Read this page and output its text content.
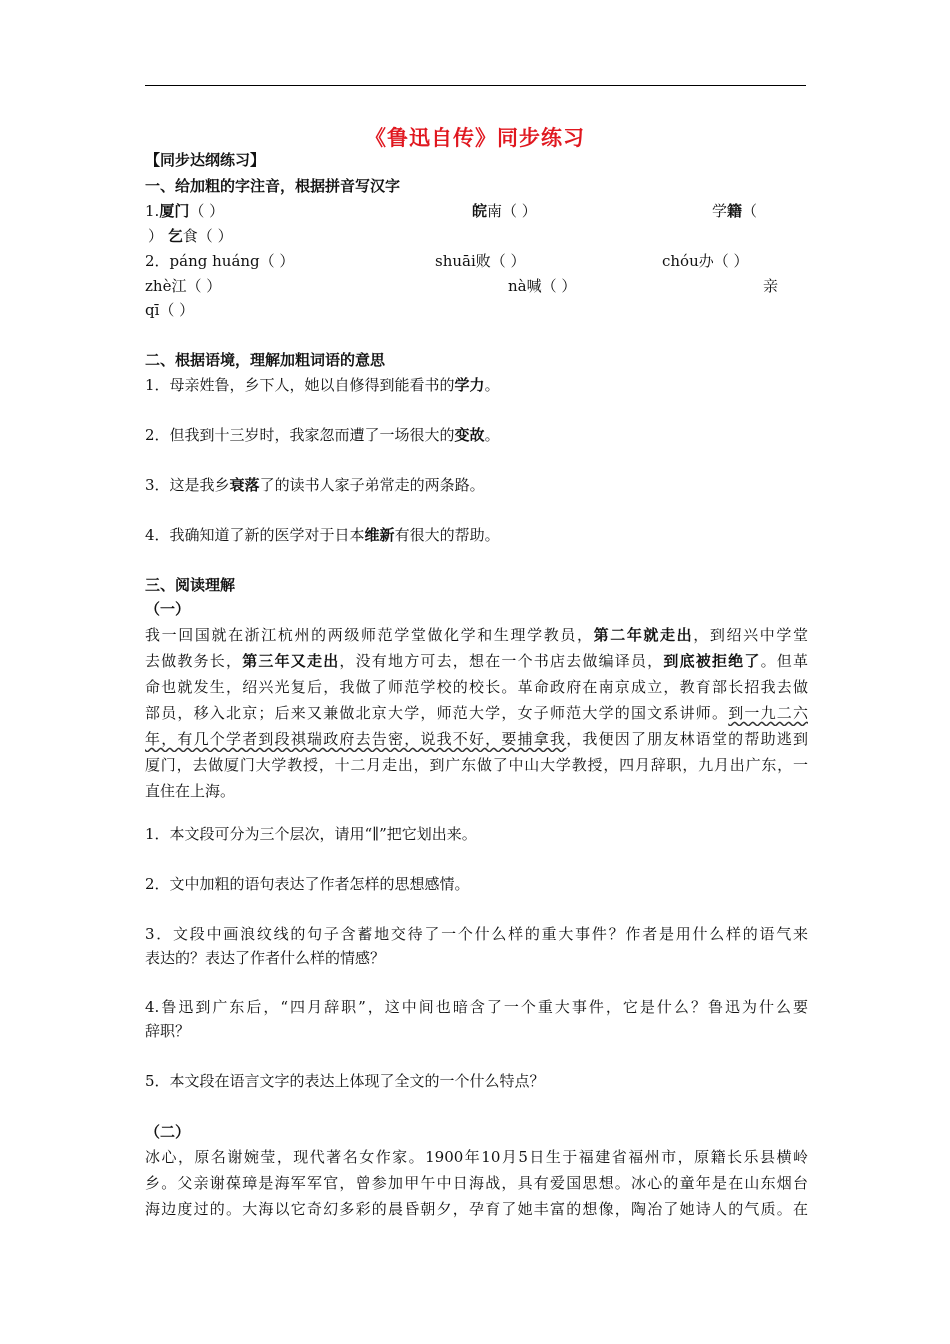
《鲁迅自传》同步练习
【同步达纲练习】
一、给加粗的字注音，根据拼音写汉字
1.厦门（ ）	皖南（ ）	学籍（
） 乞食（ ）
2．páng huáng（ ）	shuāi败（ ）	chóu办（ ）
zhè江（ ）	nà喊（ ）	亲
qī（ ）
二、根据语境，理解加粗词语的意思
1．母亲姓鲁，乡下人，她以自修得到能看书的学力。
2．但我到十三岁时，我家忽而遭了一场很大的变故。
3．这是我乡衰落了的读书人家子弟常走的两条路。
4．我确知道了新的医学对于日本维新有很大的帮助。
三、阅读理解
（一）
我一回国就在浙江杭州的两级师范学堂做化学和生理学教员，第二年就走出，到绍兴中学堂
去做教务长，第三年又走出，没有地方可去，想在一个书店去做编译员，到底被拒绝了。但革
命也就发生，绍兴光复后，我做了师范学校的校长。革命政府在南京成立，教育部长招我去做
部员，移入北京；后来又兼做北京大学，师范大学，女子师范大学的国文系讲师。到一九二六
年，有几个学者到段祺瑞政府去告密，说我不好，要捕拿我，我便因了朋友林语堂的帮助逃到
厦门，去做厦门大学教授，十二月走出，到广东做了中山大学教授，四月辞职，九月出广东，一
直住在上海。
1．本文段可分为三个层次，请用“∥”把它划出来。
2．文中加粗的语句表达了作者怎样的思想感情。
3．文段中画浪纹线的句子含蓄地交待了一个什么样的重大事件？作者是用什么样的语气来
表达的？表达了作者什么样的情感？
4.鲁迅到广东后，“四月辞职”，这中间也暗含了一个重大事件，它是什么？鲁迅为什么要
辞职？
5．本文段在语言文字的表达上体现了全文的一个什么特点？
（二）
冰心，原名谢婉莹，现代著名女作家。1900年10月5日生于福建省福州市，原籍长乐县横岭
乡。父亲谢葆璋是海军军官，曾参加甲午中日海战，具有爱国思想。冰心的童年是在山东烟台
海边度过的。大海以它奇幻多彩的晨昏朝夕，孕育了她丰富的想像，陶冶了她诗人的气质。在
